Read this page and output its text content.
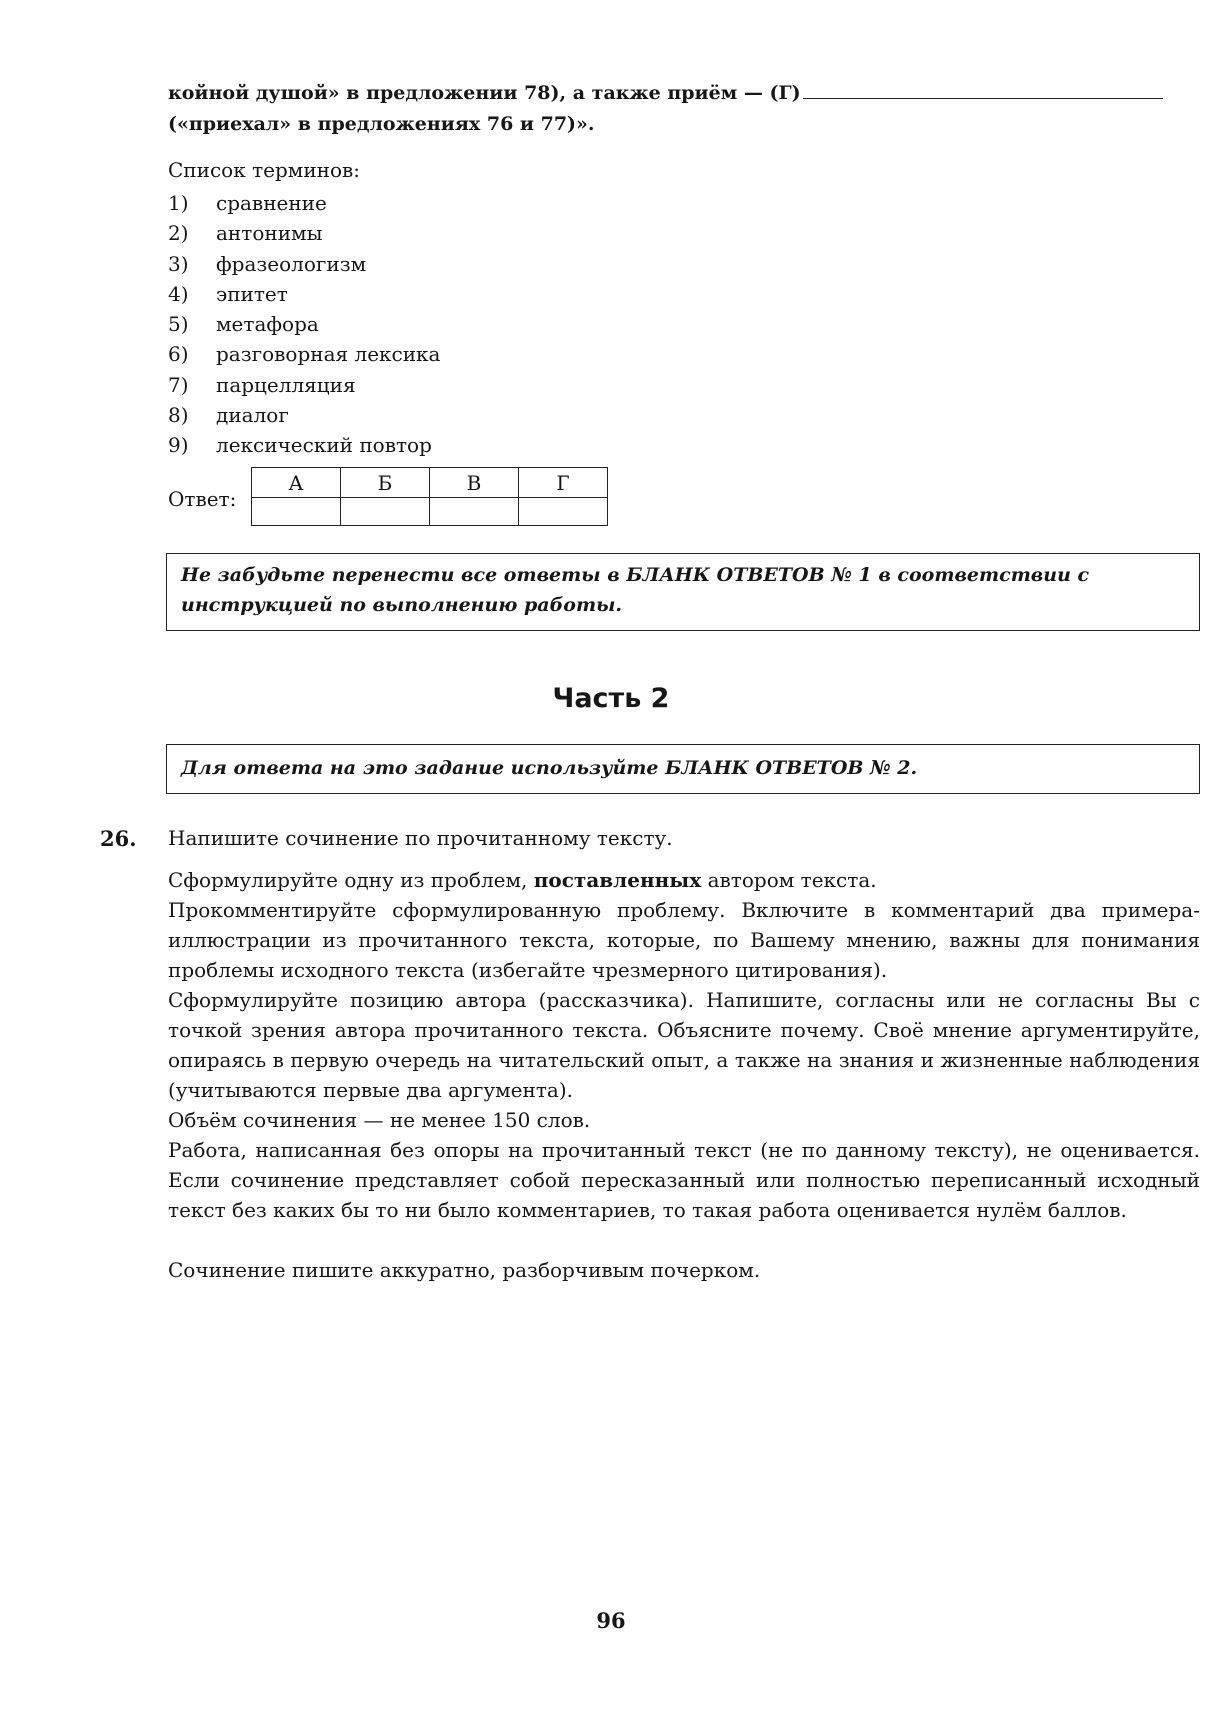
койной душой» в предложении 78), а также приём — (Г)
(«приехал» в предложениях 76 и 77)».
Список терминов:
1) сравнение
2) антонимы
3) фразеологизм
4) эпитет
5) метафора
6) разговорная лексика
7) парцелляция
8) диалог
9) лексический повтор
Ответ:
А	Б	В	Г

Не забудьте перенести все ответы в БЛАНК ОТВЕТОВ № 1 в соответствии с инструкцией по выполнению работы.
Часть 2
Для ответа на это задание используйте БЛАНК ОТВЕТОВ № 2.
26. Напишите сочинение по прочитанному тексту.
Сформулируйте одну из проблем, поставленных автором текста.
Прокомментируйте сформулированную проблему. Включите в комментарий два примера-иллюстрации из прочитанного текста, которые, по Вашему мнению, важны для понимания проблемы исходного текста (избегайте чрезмерного цитирования).
Сформулируйте позицию автора (рассказчика). Напишите, согласны или не согласны Вы с точкой зрения автора прочитанного текста. Объясните почему. Своё мнение аргументируйте, опираясь в первую очередь на читательский опыт, а также на знания и жизненные наблюдения (учитываются первые два аргумента).
Объём сочинения — не менее 150 слов.
Работа, написанная без опоры на прочитанный текст (не по данному тексту), не оценивается. Если сочинение представляет собой пересказанный или полностью переписанный исходный текст без каких бы то ни было комментариев, то такая работа оценивается нулём баллов.
Сочинение пишите аккуратно, разборчивым почерком.
96
